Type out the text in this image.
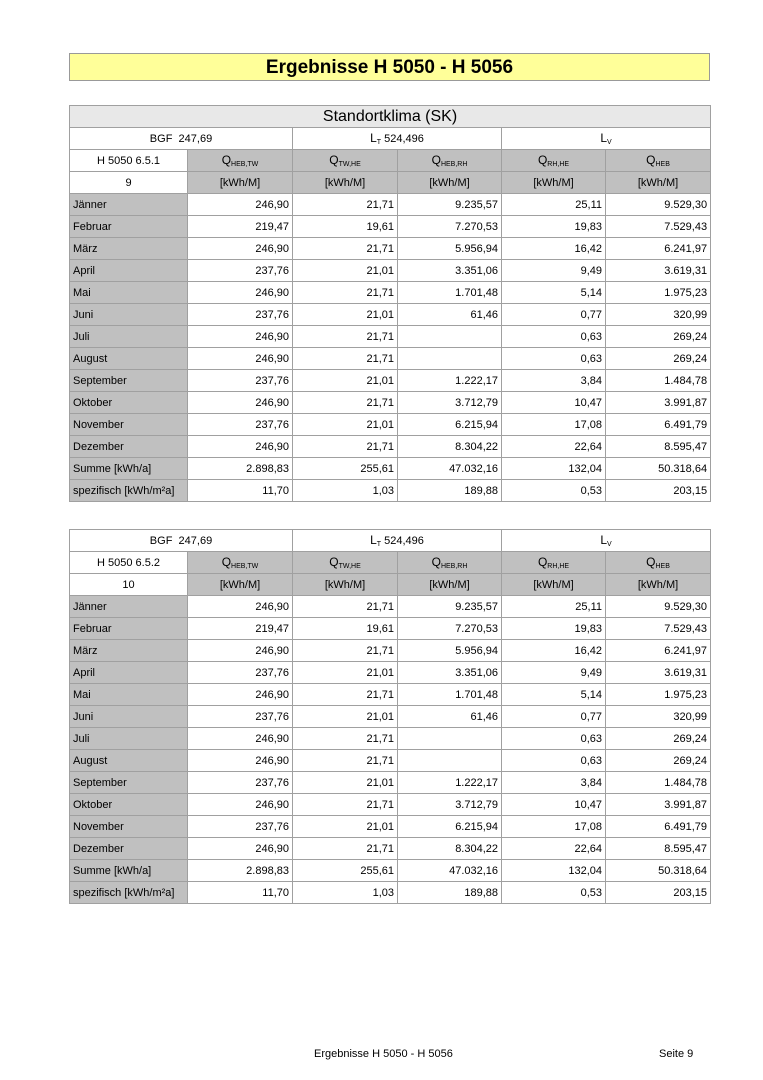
Ergebnisse H 5050 - H 5056
Standortklima (SK)					
BGF 247,69		$L_T$ 524,496		$L_V$
H 5050 6.5.1	$Q_{HEB,TW}$	$Q_{TW,HE}$	$Q_{HEB,RH}$	$Q_{RH,HE}$	$Q_{HEB}$
9	[kWh/M]	[kWh/M]	[kWh/M]	[kWh/M]	[kWh/M]
Jänner	246,90	21,71	9.235,57	25,11	9.529,30
Februar	219,47	19,61	7.270,53	19,83	7.529,43
März	246,90	21,71	5.956,94	16,42	6.241,97
April	237,76	21,01	3.351,06	9,49	3.619,31
Mai	246,90	21,71	1.701,48	5,14	1.975,23
Juni	237,76	21,01	61,46	0,77	320,99
Juli	246,90	21,71		0,63	269,24
August	246,90	21,71		0,63	269,24
September	237,76	21,01	1.222,17	3,84	1.484,78
Oktober	246,90	21,71	3.712,79	10,47	3.991,87
November	237,76	21,01	6.215,94	17,08	6.491,79
Dezember	246,90	21,71	8.304,22	22,64	8.595,47
Summe [kWh/a]	2.898,83	255,61	47.032,16	132,04	50.318,64
spezifisch [kWh/m²a]	11,70	1,03	189,88	0,53	203,15
BGF 247,69		$L_T$ 524,496		$L_V$
H 5050 6.5.2	$Q_{HEB,TW}$	$Q_{TW,HE}$	$Q_{HEB,RH}$	$Q_{RH,HE}$	$Q_{HEB}$
10	[kWh/M]	[kWh/M]	[kWh/M]	[kWh/M]	[kWh/M]
Jänner	246,90	21,71	9.235,57	25,11	9.529,30
Februar	219,47	19,61	7.270,53	19,83	7.529,43
März	246,90	21,71	5.956,94	16,42	6.241,97
April	237,76	21,01	3.351,06	9,49	3.619,31
Mai	246,90	21,71	1.701,48	5,14	1.975,23
Juni	237,76	21,01	61,46	0,77	320,99
Juli	246,90	21,71		0,63	269,24
August	246,90	21,71		0,63	269,24
September	237,76	21,01	1.222,17	3,84	1.484,78
Oktober	246,90	21,71	3.712,79	10,47	3.991,87
November	237,76	21,01	6.215,94	17,08	6.491,79
Dezember	246,90	21,71	8.304,22	22,64	8.595,47
Summe [kWh/a]	2.898,83	255,61	47.032,16	132,04	50.318,64
spezifisch [kWh/m²a]	11,70	1,03	189,88	0,53	203,15
Ergebnisse H 5050 - H 5056	Seite 9
